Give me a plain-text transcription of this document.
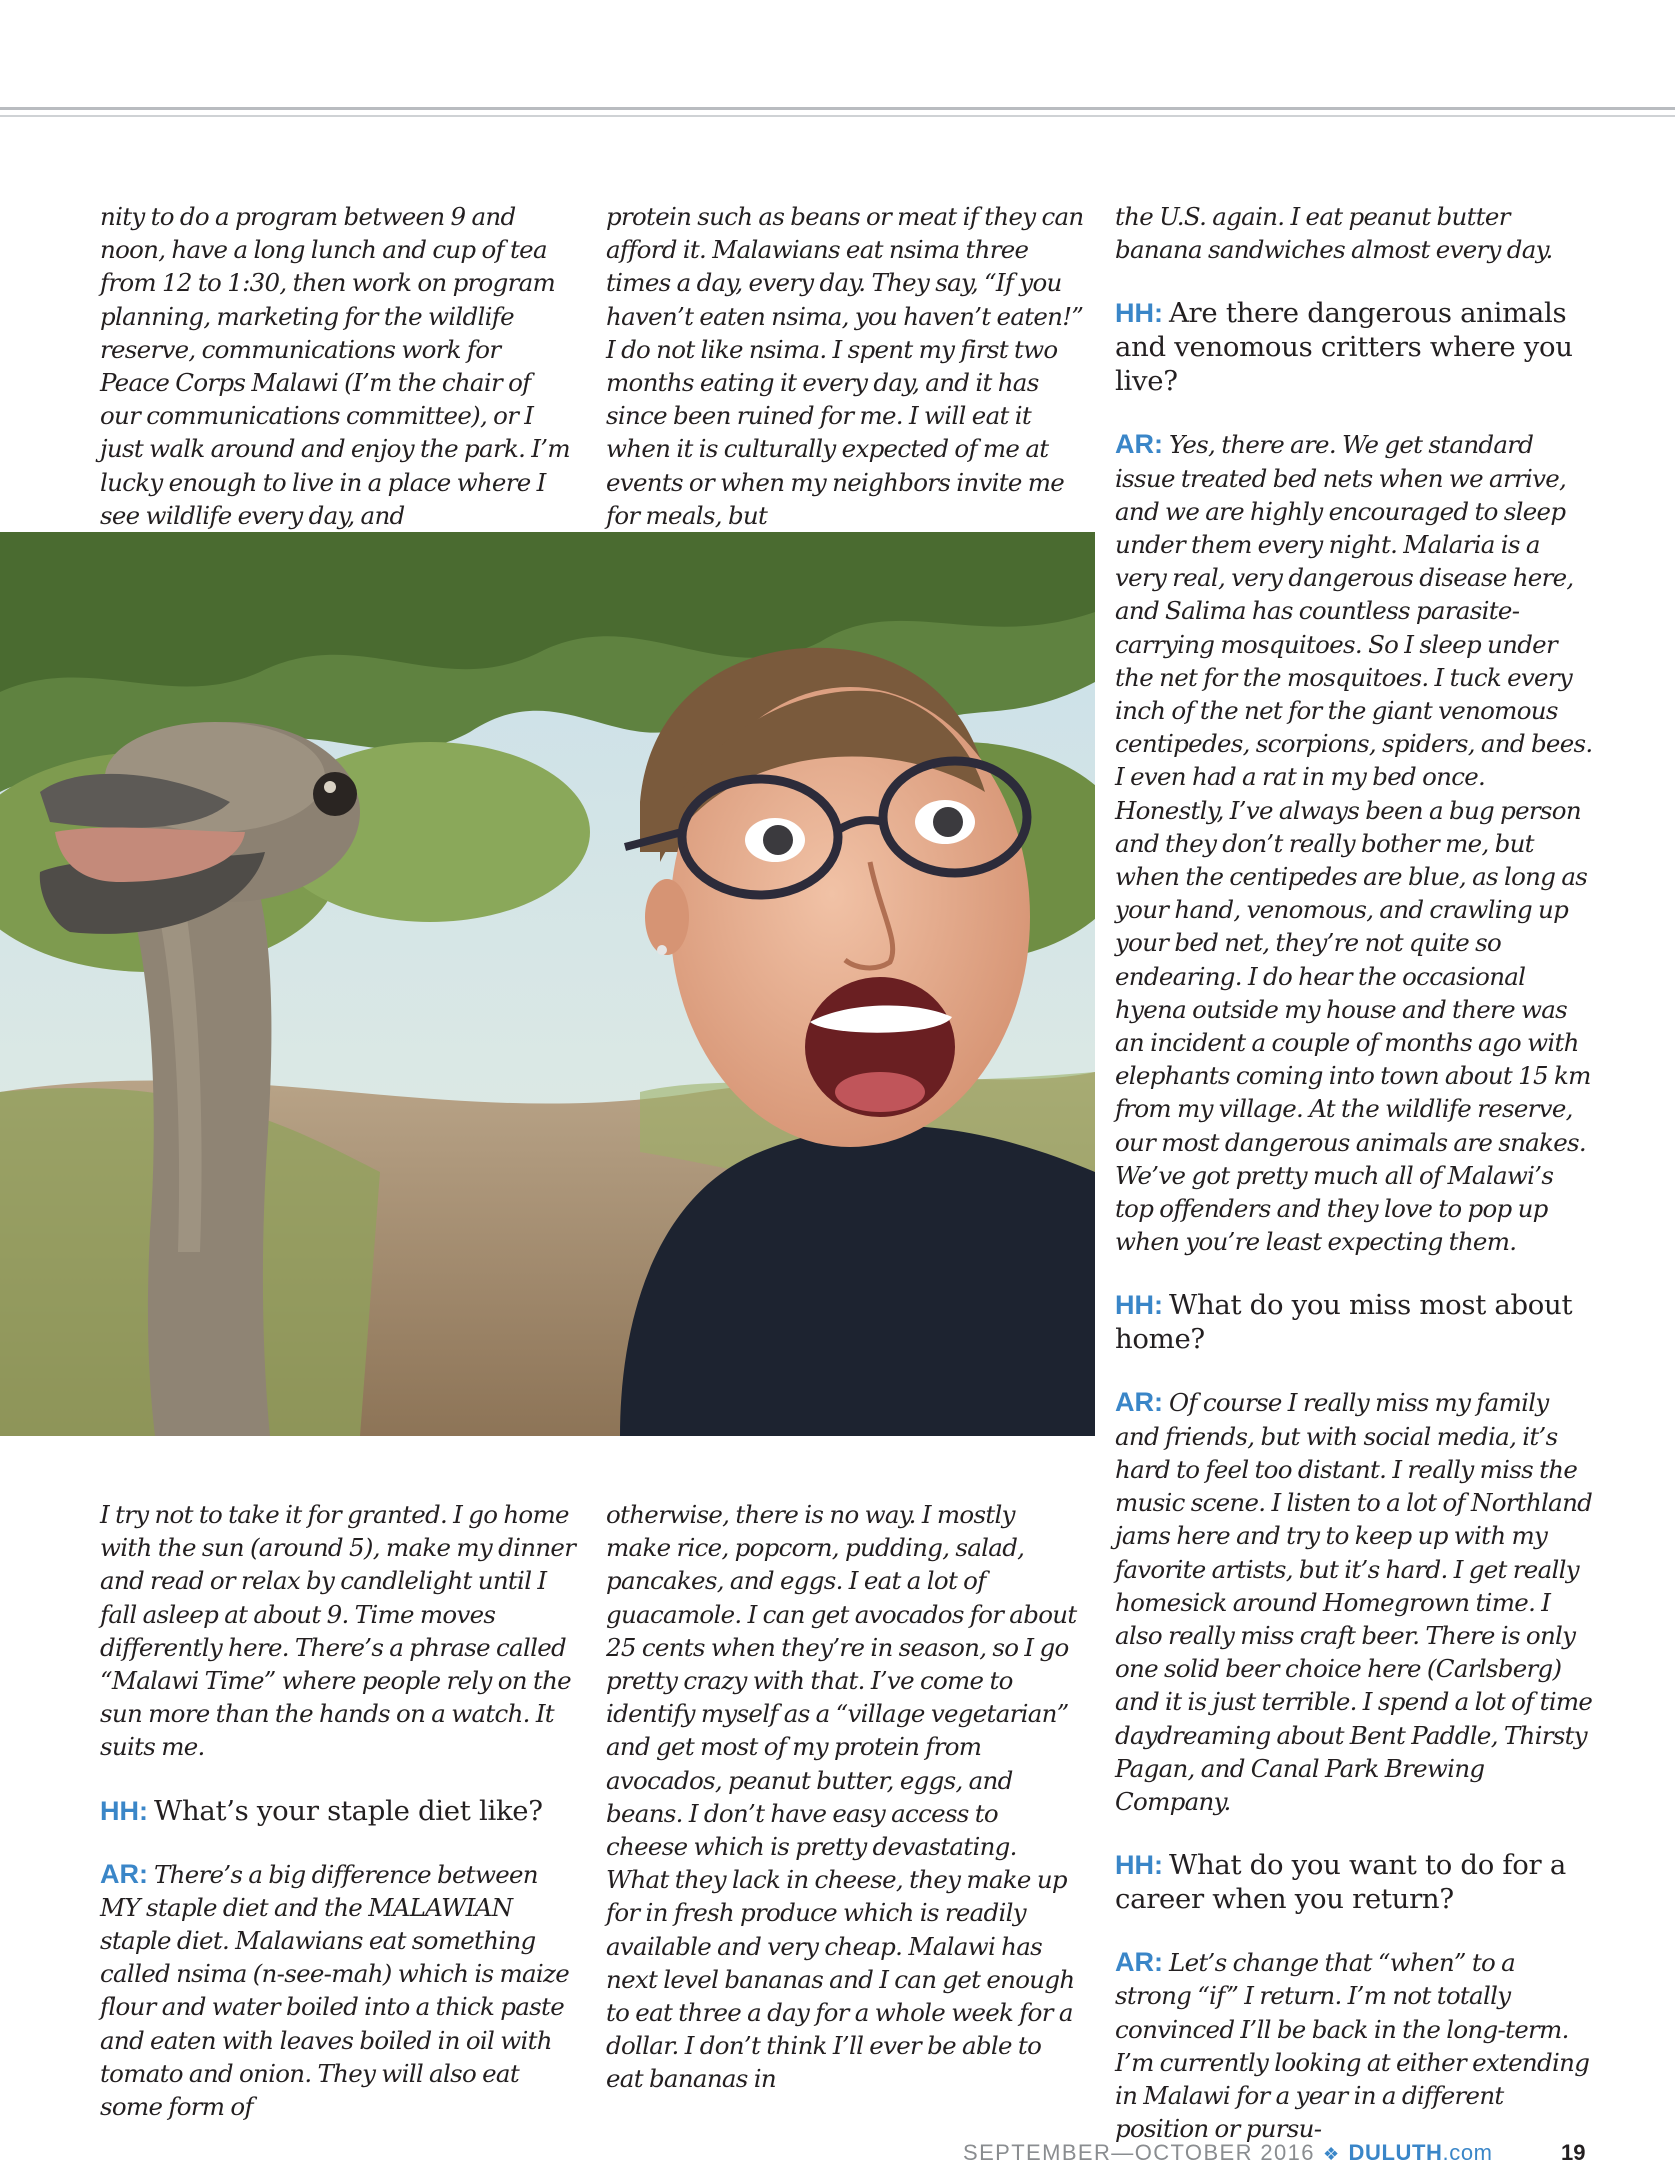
nity to do a program between 9 and noon, have a long lunch and cup of tea from 12 to 1:30, then work on program planning, marketing for the wildlife reserve, communications work for Peace Corps Malawi (I’m the chair of our communications committee), or I just walk around and enjoy the park. I’m lucky enough to live in a place where I see wildlife every day, and

protein such as beans or meat if they can afford it. Malawians eat nsima three times a day, every day. They say, “If you haven’t eaten nsima, you haven’t eaten!” I do not like nsima. I spent my first two months eating it every day, and it has since been ruined for me. I will eat it when it is culturally expected of me at events or when my neighbors invite me for meals, but

the U.S. again. I eat peanut butter banana sandwiches almost every day.

HH: Are there dangerous animals and venomous critters where you live?

AR: Yes, there are. We get standard issue treated bed nets when we arrive, and we are highly encouraged to sleep under them every night. Malaria is a very real, very dangerous disease here, and Salima has countless parasite-carrying mosquitoes. So I sleep under the net for the mosquitoes. I tuck every inch of the net for the giant venomous centipedes, scorpions, spiders, and bees. I even had a rat in my bed once. Honestly, I’ve always been a bug person and they don’t really bother me, but when the centipedes are blue, as long as your hand, venomous, and crawling up your bed net, they’re not quite so endearing. I do hear the occasional hyena outside my house and there was an incident a couple of months ago with elephants coming into town about 15 km from my village. At the wildlife reserve, our most dangerous animals are snakes. We’ve got pretty much all of Malawi’s top offenders and they love to pop up when you’re least expecting them.

HH: What do you miss most about home?

AR: Of course I really miss my family and friends, but with social media, it’s hard to feel too distant. I really miss the music scene. I listen to a lot of Northland jams here and try to keep up with my favorite artists, but it’s hard. I get really homesick around Homegrown time. I also really miss craft beer. There is only one solid beer choice here (Carlsberg) and it is just terrible. I spend a lot of time daydreaming about Bent Paddle, Thirsty Pagan, and Canal Park Brewing Company.

HH: What do you want to do for a career when you return?

AR: Let’s change that “when” to a strong “if” I return. I’m not totally convinced I’ll be back in the long-term. I’m currently looking at either extending in Malawi for a year in a different position or pursu-

I try not to take it for granted. I go home with the sun (around 5), make my dinner and read or relax by candlelight until I fall asleep at about 9. Time moves differently here. There’s a phrase called “Malawi Time” where people rely on the sun more than the hands on a watch. It suits me.

HH: What’s your staple diet like?

AR: There’s a big difference between MY staple diet and the MALAWIAN staple diet. Malawians eat something called nsima (n-see-mah) which is maize flour and water boiled into a thick paste and eaten with leaves boiled in oil with tomato and onion. They will also eat some form of

otherwise, there is no way. I mostly make rice, popcorn, pudding, salad, pancakes, and eggs. I eat a lot of guacamole. I can get avocados for about 25 cents when they’re in season, so I go pretty crazy with that. I’ve come to identify myself as a “village vegetarian” and get most of my protein from avocados, peanut butter, eggs, and beans. I don’t have easy access to cheese which is pretty devastating. What they lack in cheese, they make up for in fresh produce which is readily available and very cheap. Malawi has next level bananas and I can get enough to eat three a day for a whole week for a dollar. I don’t think I’ll ever be able to eat bananas in

SEPTEMBER—OCTOBER 2016 ❖ DULUTH.com	19
